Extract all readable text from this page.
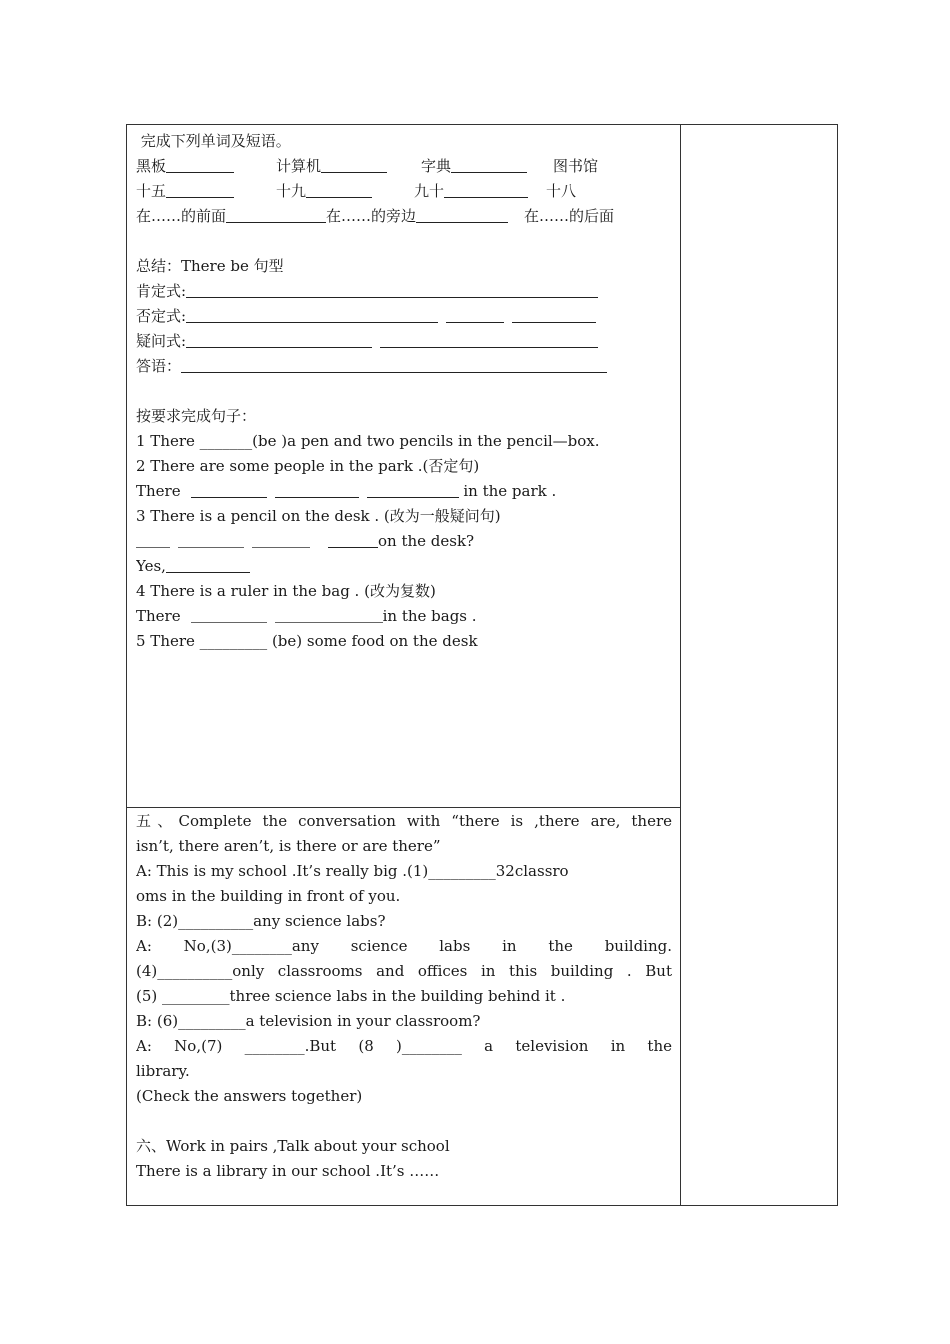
完成下列单词及短语。
黑板	计算机	字典	图书馆
十五	十九	九十	十八
在……的前面	在……的旁边	在……的后面
总结：There be 句型
肯定式:
否定式:
疑问式:
答语：
按要求完成句子：
1 There _______(be )a pen and two pencils in the pencil—box.
2 There are some people in the park .(否定句)
There	in the park .
3 There is a pencil on the desk . (改为一般疑问句)
on the desk?
Yes,
4 There is a ruler in the bag . (改为复数)
There	in the bags .
5 There _________ (be) some food on the desk
五、Complete the conversation with “there is ,there are, there
isn’t, there aren’t, is there or are there”
A: This is my school .It’s really big .(1)_________32classro
oms in the building in front of you.
B: (2)__________any science labs?
A: No,(3)________any science labs in the building.
(4)__________only classrooms and offices in this building . But
(5) _________three science labs in the building behind it .
B: (6)_________a television in your classroom?
A: No,(7) ________.But (8 )________ a television in the
library.
(Check the answers together)
六、Work in pairs ,Talk about your school
There is a library in our school .It’s ……
